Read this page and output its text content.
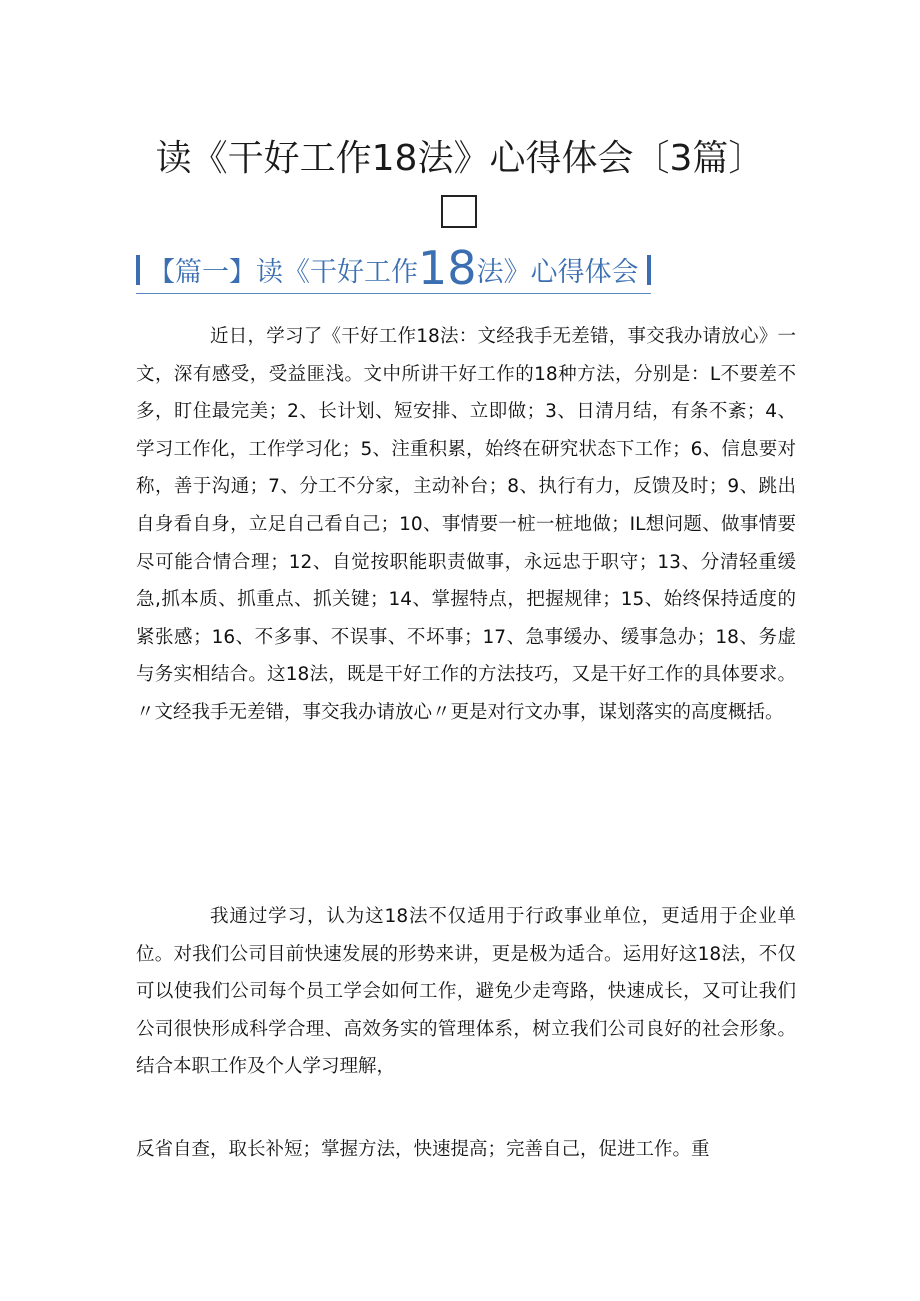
读《干好工作18法》心得体会〔3篇〕
【篇一】读《干好工作18法》心得体会

近日，学习了《干好工作18法：文经我手无差错，事交我办请放心》一文，深有感受，受益匪浅。文中所讲干好工作的18种方法，分别是：L不要差不多，盯住最完美；2、长计划、短安排、立即做；3、日清月结，有条不紊；4、学习工作化，工作学习化；5、注重积累，始终在研究状态下工作；6、信息要对称，善于沟通；7、分工不分家，主动补台；8、执行有力，反馈及时；9、跳出自身看自身，立足自己看自己；10、事情要一桩一桩地做；IL想问题、做事情要尽可能合情合理；12、自觉按职能职责做事，永远忠于职守；13、分清轻重缓急,抓本质、抓重点、抓关键；14、掌握特点，把握规律；15、始终保持适度的紧张感；16、不多事、不误事、不坏事；17、急事缓办、缓事急办；18、务虚与务实相结合。这18法，既是干好工作的方法技巧，又是干好工作的具体要求。〃文经我手无差错，事交我办请放心〃更是对行文办事，谋划落实的高度概括。

我通过学习，认为这18法不仅适用于行政事业单位，更适用于企业单位。对我们公司目前快速发展的形势来讲，更是极为适合。运用好这18法，不仅可以使我们公司每个员工学会如何工作，避免少走弯路，快速成长，又可让我们公司很快形成科学合理、高效务实的管理体系，树立我们公司良好的社会形象。结合本职工作及个人学习理解，

反省自查，取长补短；掌握方法，快速提高；完善自己，促进工作。重
